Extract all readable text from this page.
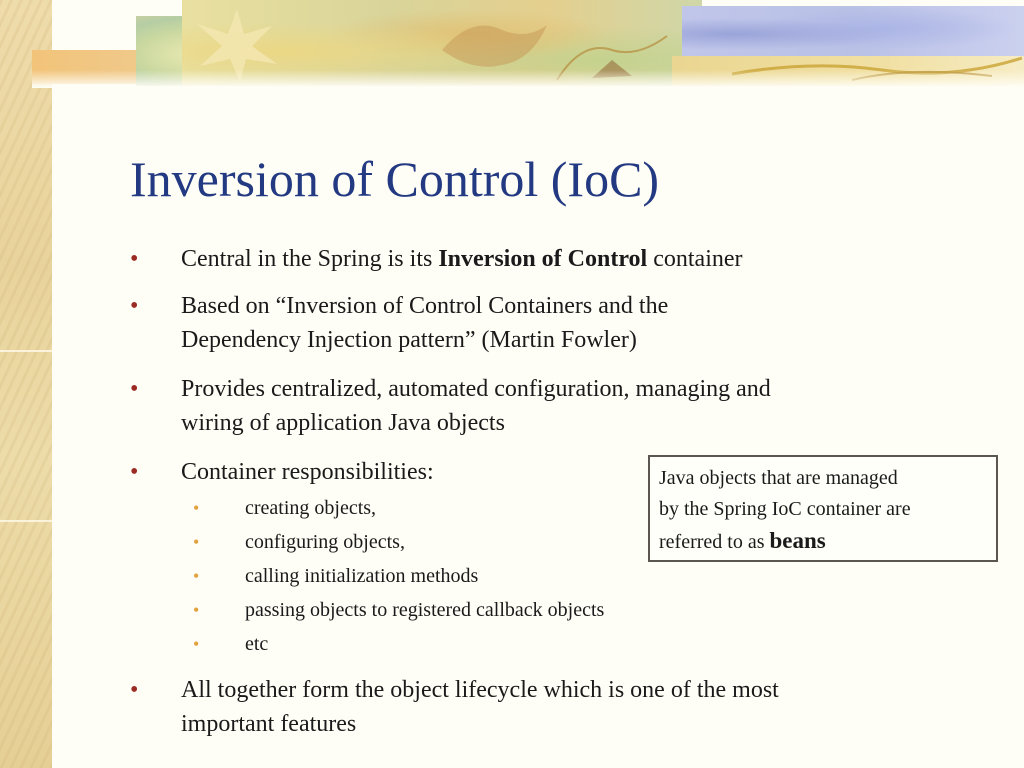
Inversion of Control (IoC)
• Central in the Spring is its Inversion of Control container
• Based on “Inversion of Control Containers and the
Dependency Injection pattern” (Martin Fowler)
• Provides centralized, automated configuration, managing and
wiring of application Java objects
• Container responsibilities:
• creating objects,
• configuring objects,
• calling initialization methods
• passing objects to registered callback objects
• etc
• All together form the object lifecycle which is one of the most
important features
Java objects that are managed
by the Spring IoC container are
referred to as beans
